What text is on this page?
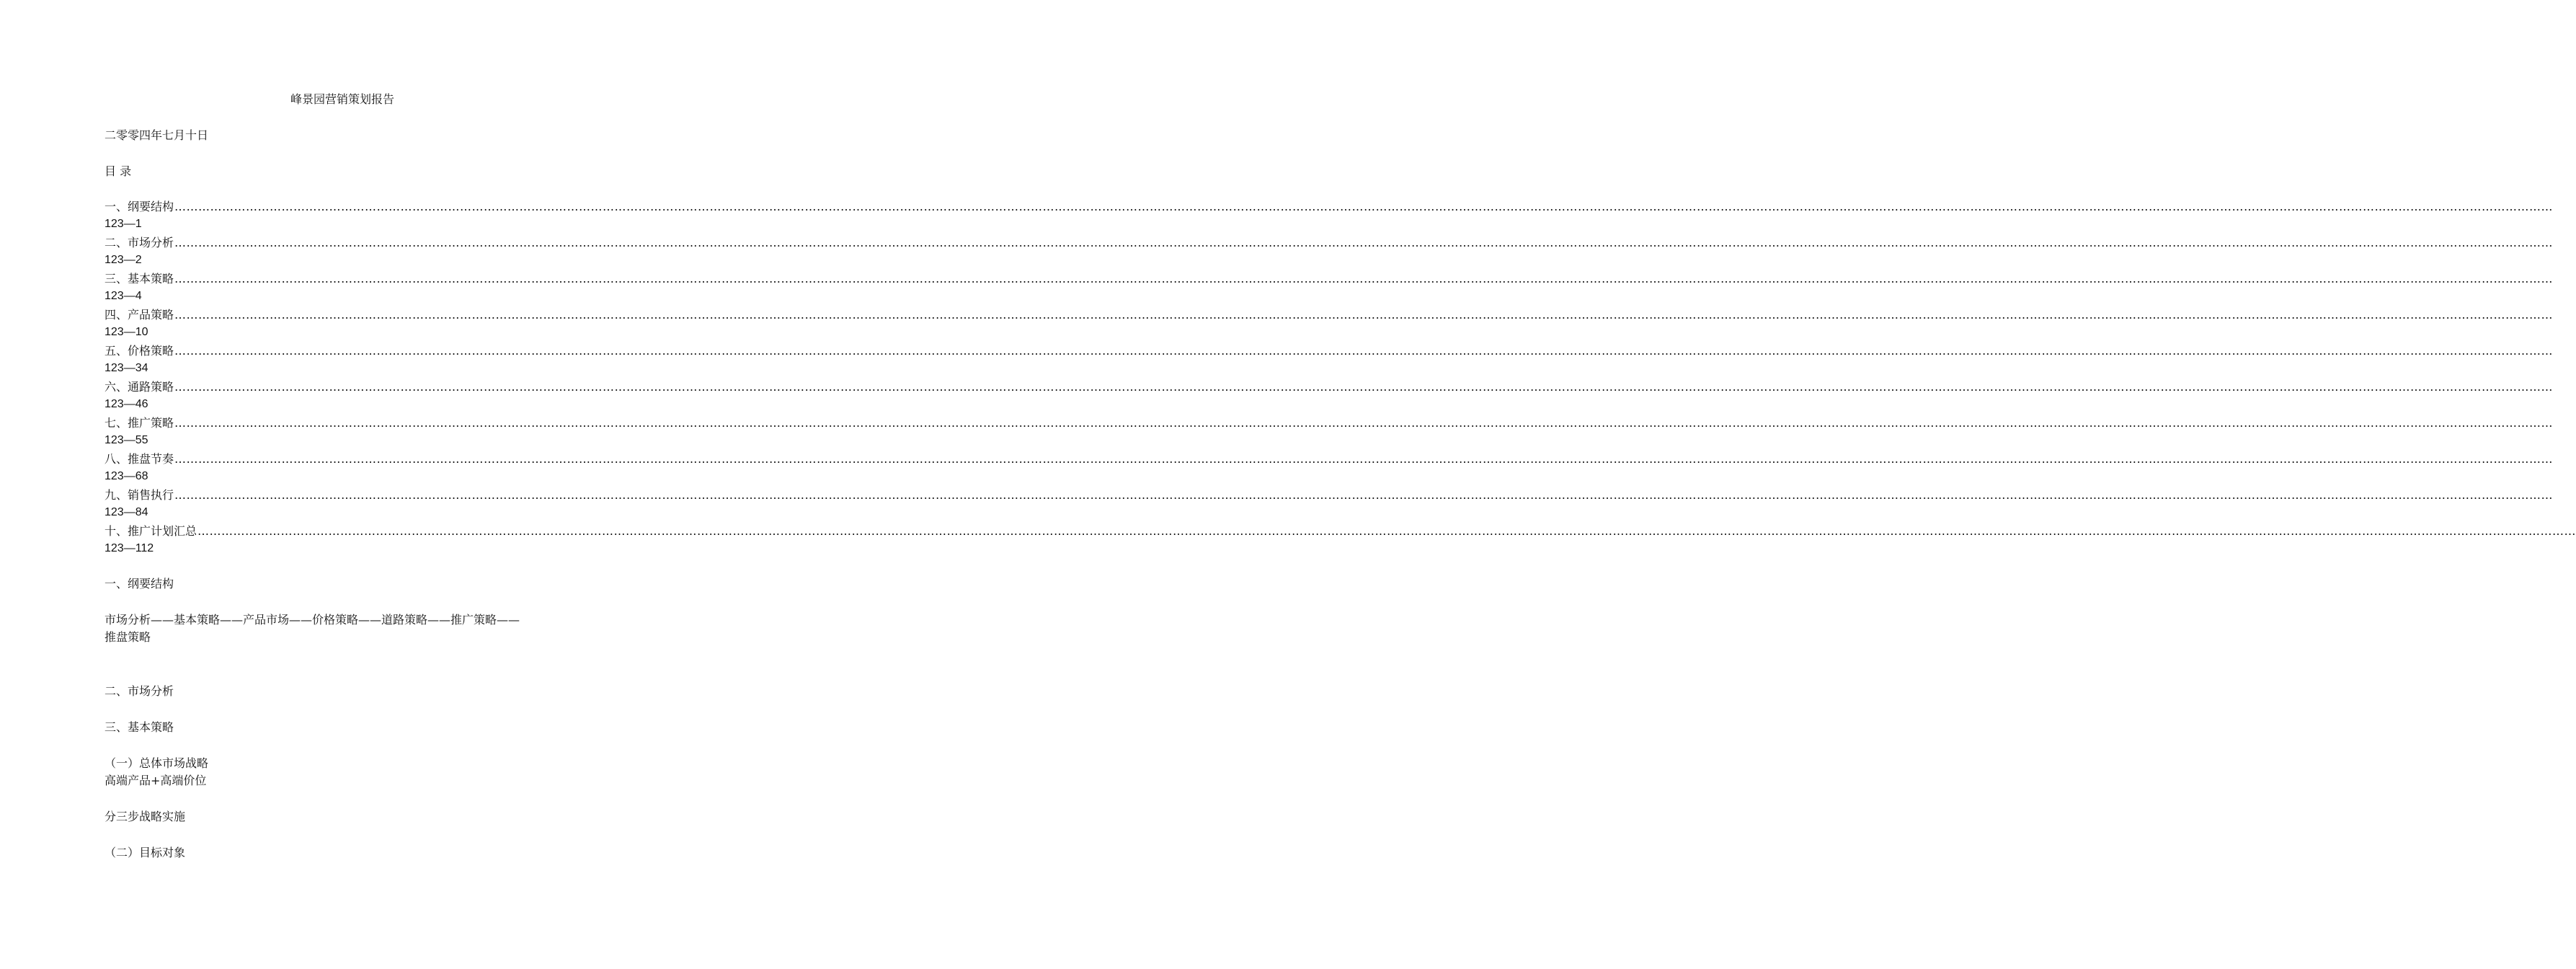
峰景园营销策划报告
二零零四年七月十日
目 录
一、纲要结构 ……………………………………………………………………………………………………………………………………………………………………………………………………………………………………………………………………………………………………………………………………………………………………………………………………………………………………………………………………………………………………………………………………………………
123—1
二、市场分析 ……………………………………………………………………………………………………………………………………………………………………………………………………………………………………………………………………………………………………………………………………………………………………………………………………………………………………………………………………………………………………………………………………………………
123—2
三、基本策略 ……………………………………………………………………………………………………………………………………………………………………………………………………………………………………………………………………………………………………………………………………………………………………………………………………………………………………………………………………………………………………………………………………………………
123—4
四、产品策略 ……………………………………………………………………………………………………………………………………………………………………………………………………………………………………………………………………………………………………………………………………………………………………………………………………………………………………………………………………………………………………………………………………………………
123—10
五、价格策略 ……………………………………………………………………………………………………………………………………………………………………………………………………………………………………………………………………………………………………………………………………………………………………………………………………………………………………………………………………………………………………………………………………………………
123—34
六、通路策略 ……………………………………………………………………………………………………………………………………………………………………………………………………………………………………………………………………………………………………………………………………………………………………………………………………………………………………………………………………………………………………………………………………………………
123—46
七、推广策略 ……………………………………………………………………………………………………………………………………………………………………………………………………………………………………………………………………………………………………………………………………………………………………………………………………………………………………………………………………………………………………………………………………………………
123—55
八、推盘节奏 ……………………………………………………………………………………………………………………………………………………………………………………………………………………………………………………………………………………………………………………………………………………………………………………………………………………………………………………………………………………………………………………………………………………
123—68
九、销售执行 ……………………………………………………………………………………………………………………………………………………………………………………………………………………………………………………………………………………………………………………………………………………………………………………………………………………………………………………………………………………………………………………………………………………
123—84
十、推广计划汇总 ……………………………………………………………………………………………………………………………………………………………………………………………………………………………………………………………………………………………………………………………………………………………………………………………………………………………………………………………………………………………………………………………………………………
123—112
一、纲要结构
市场分析——基本策略——产品市场——价格策略——道路策略——推广策略——
推盘策略
二、市场分析
三、基本策略
（一）总体市场战略
高端产品+高端价位
分三步战略实施
（二）目标对象
